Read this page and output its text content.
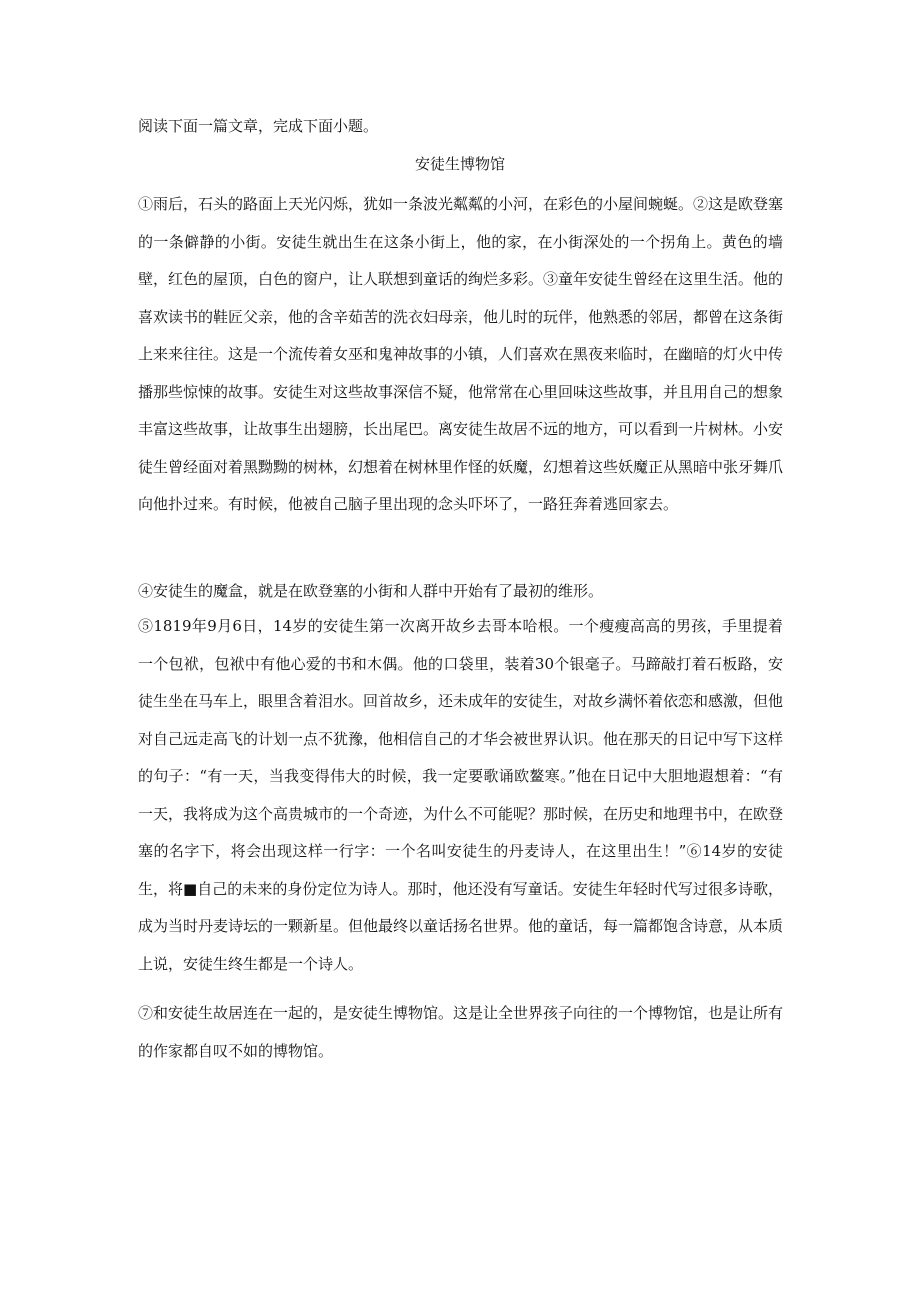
阅读下面一篇文章，完成下面小题。
安徒生博物馆
①雨后，石头的路面上天光闪烁，犹如一条波光粼粼的小河，在彩色的小屋间蜿蜒。②这是欧登塞的一条僻静的小街。安徒生就出生在这条小街上，他的家，在小街深处的一个拐角上。黄色的墙壁，红色的屋顶，白色的窗户，让人联想到童话的绚烂多彩。③童年安徒生曾经在这里生活。他的喜欢读书的鞋匠父亲，他的含辛茹苦的洗衣妇母亲，他儿时的玩伴，他熟悉的邻居，都曾在这条街上来来往往。这是一个流传着女巫和鬼神故事的小镇，人们喜欢在黑夜来临时，在幽暗的灯火中传播那些惊悚的故事。安徒生对这些故事深信不疑，他常常在心里回味这些故事，并且用自己的想象丰富这些故事，让故事生出翅膀，长出尾巴。离安徒生故居不远的地方，可以看到一片树林。小安徒生曾经面对着黑黝黝的树林，幻想着在树林里作怪的妖魔，幻想着这些妖魔正从黑暗中张牙舞爪向他扑过来。有时候，他被自己脑子里出现的念头吓坏了，一路狂奔着逃回家去。
④安徒生的魔盒，就是在欧登塞的小街和人群中开始有了最初的维形。
⑤1819年9月6日，14岁的安徒生第一次离开故乡去哥本哈根。一个瘦瘦高高的男孩，手里提着一个包袱，包袱中有他心爱的书和木偶。他的口袋里，装着30个银毫子。马蹄敲打着石板路，安徒生坐在马车上，眼里含着泪水。回首故乡，还未成年的安徒生，对故乡满怀着依恋和感激，但他对自己远走高飞的计划一点不犹豫，他相信自己的才华会被世界认识。他在那天的日记中写下这样的句子：“有一天，当我变得伟大的时候，我一定要歌诵欧鳌寒。”他在日记中大胆地遐想着：“有一天，我将成为这个高贵城市的一个奇迹，为什么不可能呢？那时候，在历史和地理书中，在欧登塞的名字下，将会出现这样一行字：一个名叫安徒生的丹麦诗人，在这里出生！”⑥14岁的安徒生，将■自己的未来的身份定位为诗人。那时，他还没有写童话。安徒生年轻时代写过很多诗歌，成为当时丹麦诗坛的一颗新星。但他最终以童话扬名世界。他的童话，每一篇都饱含诗意，从本质上说，安徒生终生都是一个诗人。
⑦和安徒生故居连在一起的，是安徒生博物馆。这是让全世界孩子向往的一个博物馆，也是让所有的作家都自叹不如的博物馆。
